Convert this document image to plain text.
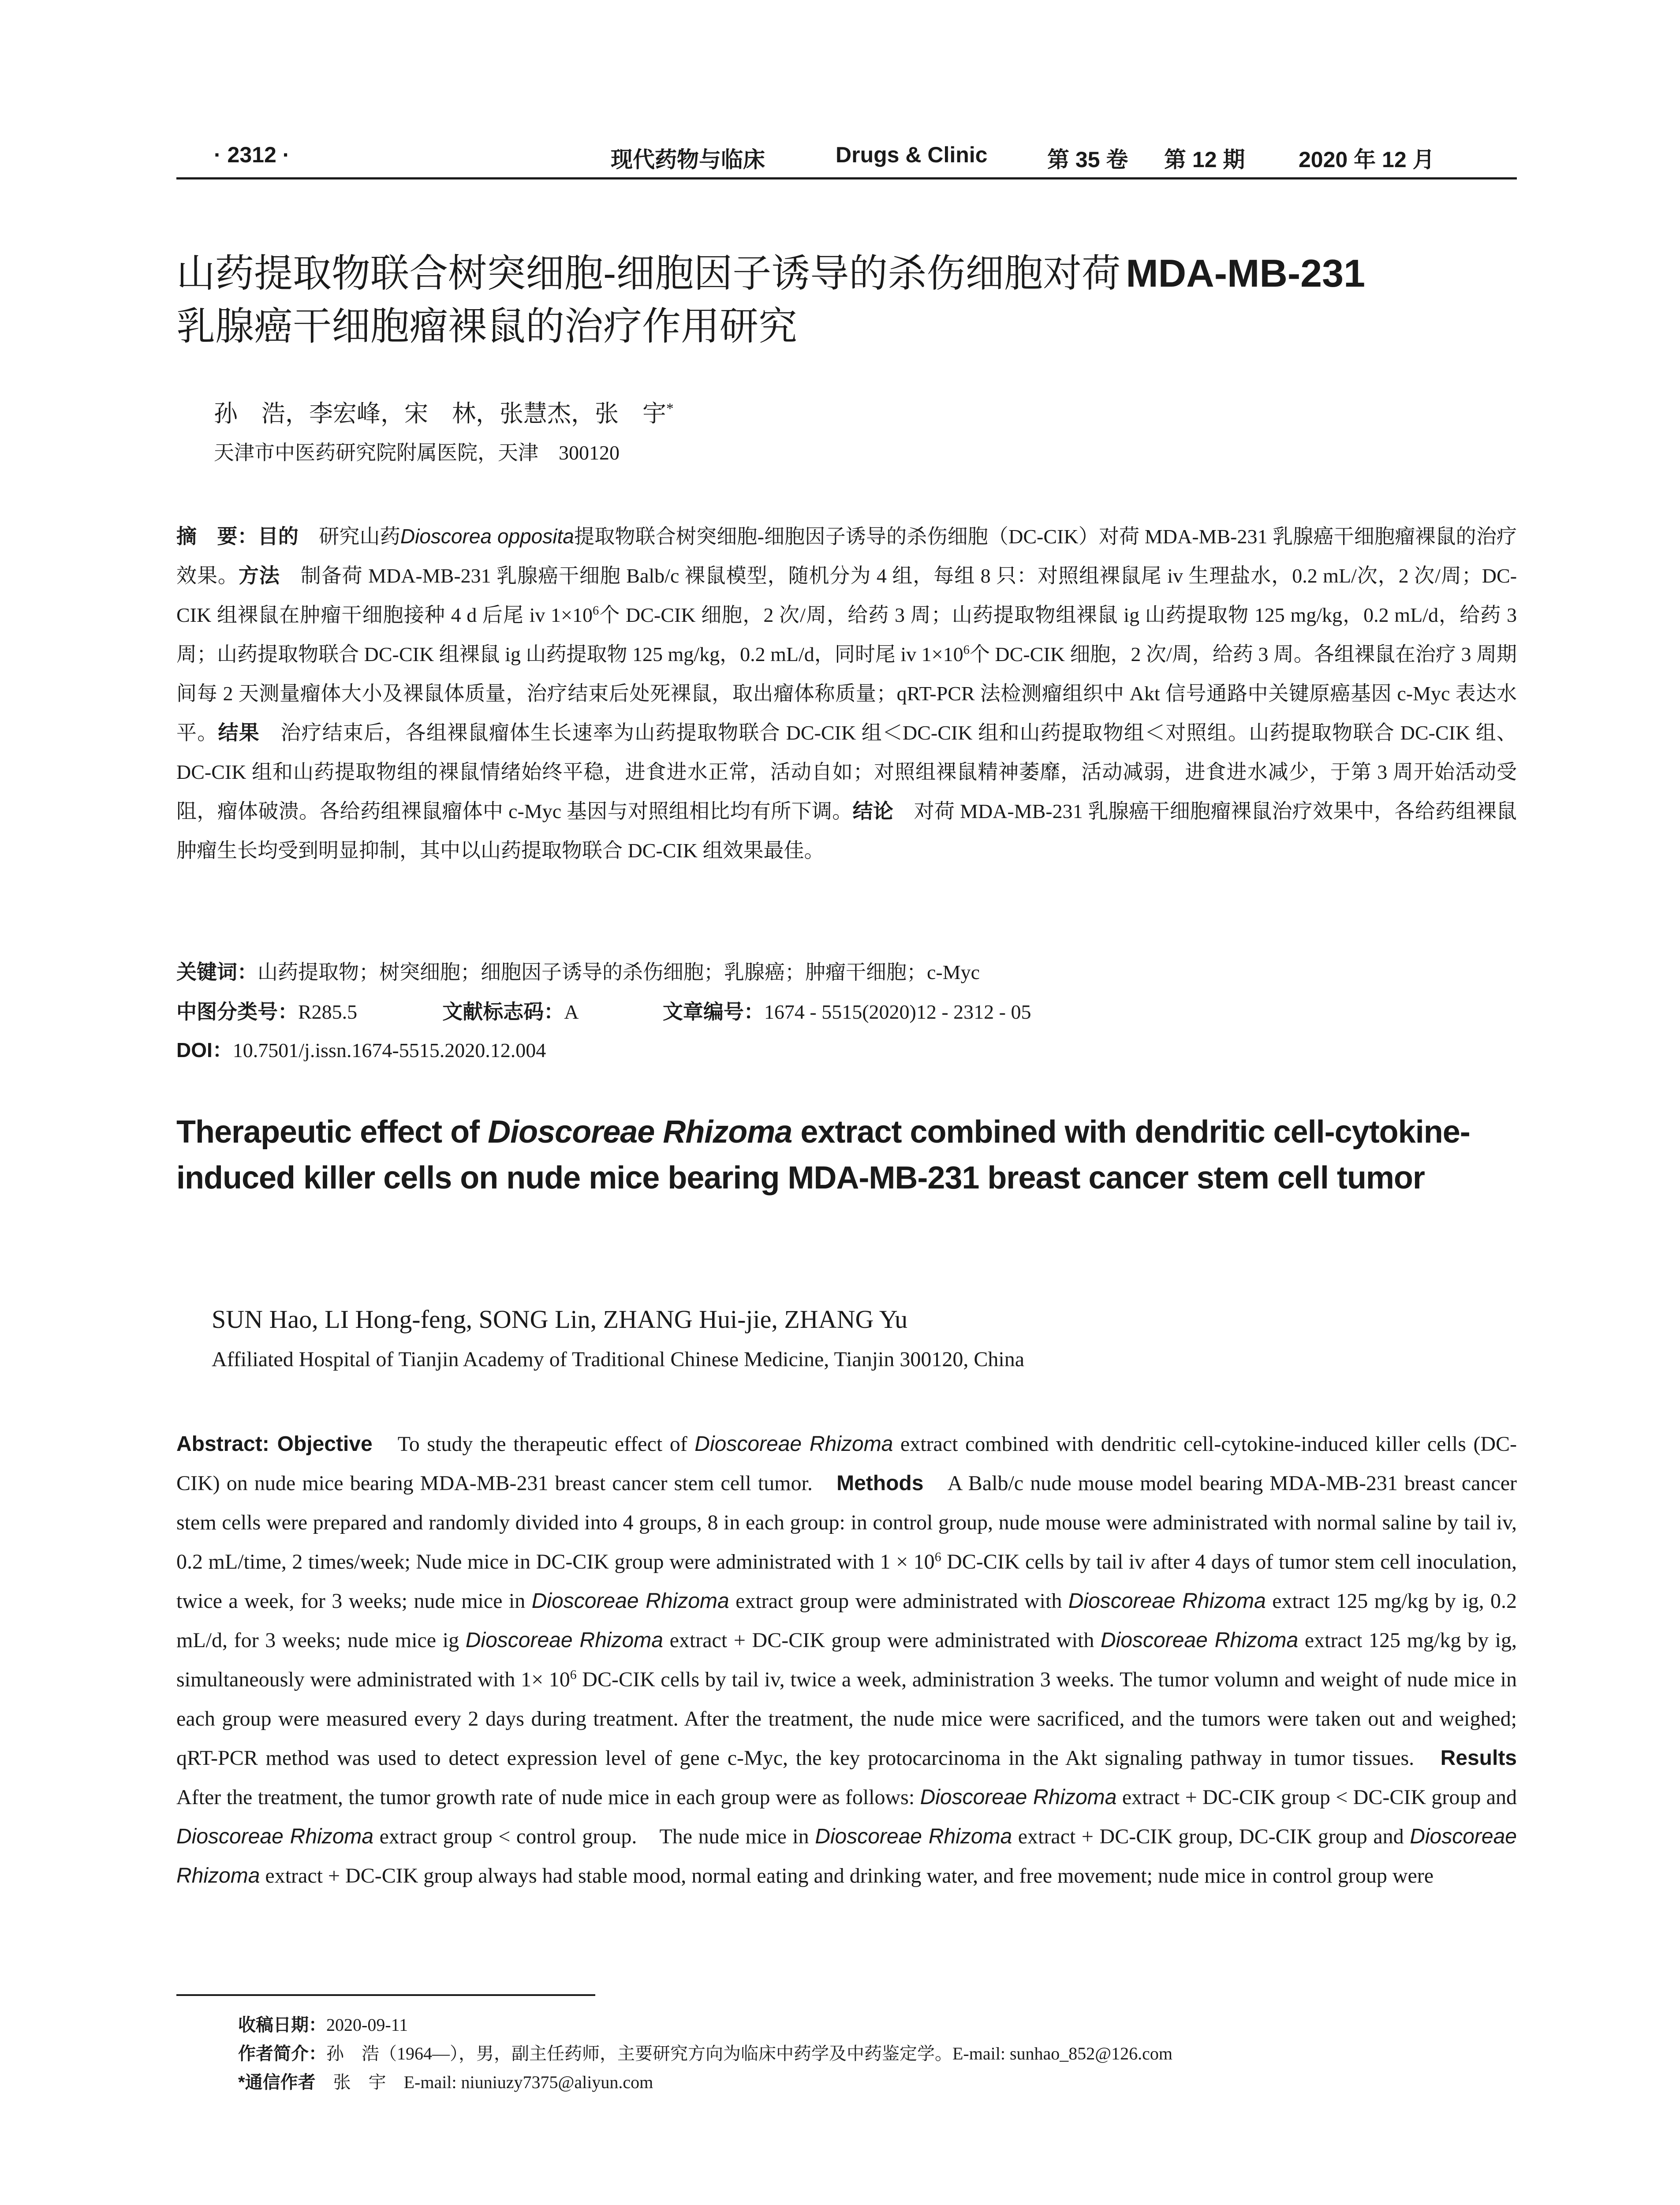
· 2312 ·	现代药物与临床	Drugs & Clinic	第 35 卷 第 12 期 2020 年 12 月
山药提取物联合树突细胞-细胞因子诱导的杀伤细胞对荷 MDA-MB-231
乳腺癌干细胞瘤裸鼠的治疗作用研究
孙　浩，李宏峰，宋　林，张慧杰，张　宇*
天津市中医药研究院附属医院，天津　300120
摘　要：目的　 研究山药Dioscorea opposita提取物联合树突细胞-细胞因子诱导的杀伤细胞（DC-CIK）对荷 MDA-MB-231 乳腺癌干细胞瘤裸鼠的治疗效果。方法　 制备荷 MDA-MB-231 乳腺癌干细胞 Balb/c 裸鼠模型，随机分为 4 组，每组 8 只：对照组裸鼠尾 iv 生理盐水，0.2 mL/次，2 次/周；DC-CIK 组裸鼠在肿瘤干细胞接种 4 d 后尾 iv $1\times 10^6$个 DC-CIK 细胞，2 次/周，给药 3 周；山药提取物组裸鼠 ig 山药提取物 125 mg/kg，0.2 mL/d，给药 3 周；山药提取物联合 DC-CIK 组裸鼠 ig 山药提取物 125 mg/kg，0.2 mL/d，同时尾 iv $1\times 10^6$个 DC-CIK 细胞，2 次/周，给药 3 周。各组裸鼠在治疗 3 周期间每 2 天测量瘤体大小及裸鼠体质量，治疗结束后处死裸鼠，取出瘤体称质量；qRT-PCR 法检测瘤组织中 Akt 信号通路中关键原癌基因 c-Myc 表达水平。结果　 治疗结束后，各组裸鼠瘤体生长速率为山药提取物联合 DC-CIK 组＜DC-CIK 组和山药提取物组＜对照组。山药提取物联合 DC-CIK 组、DC-CIK 组和山药提取物组的裸鼠情绪始终平稳，进食进水正常，活动自如；对照组裸鼠精神萎靡，活动减弱，进食进水减少，于第 3 周开始活动受阻，瘤体破溃。各给药组裸鼠瘤体中 c-Myc 基因与对照组相比均有所下调。结论　 对荷 MDA-MB-231 乳腺癌干细胞瘤裸鼠治疗效果中，各给药组裸鼠肿瘤生长均受到明显抑制，其中以山药提取物联合 DC-CIK 组效果最佳。
关键词：山药提取物；树突细胞；细胞因子诱导的杀伤细胞；乳腺癌；肿瘤干细胞；c-Myc
中图分类号：R285.5	文献标志码：A	文章编号：1674 - 5515(2020)12 - 2312 - 05
DOI：10.7501/j.issn.1674-5515.2020.12.004
Therapeutic effect of Dioscoreae Rhizoma extract combined with dendritic cell-cytokine-induced killer cells on nude mice bearing MDA-MB-231 breast cancer stem cell tumor
SUN Hao, LI Hong-feng, SONG Lin, ZHANG Hui-jie, ZHANG Yu
Affiliated Hospital of Tianjin Academy of Traditional Chinese Medicine, Tianjin 300120, China
Abstract: Objective　 To study the therapeutic effect of Dioscoreae Rhizoma extract combined with dendritic cell-cytokine-induced killer cells (DC-CIK) on nude mice bearing MDA-MB-231 breast cancer stem cell tumor.　 Methods　 A Balb/c nude mouse model bearing MDA-MB-231 breast cancer stem cells were prepared and randomly divided into 4 groups, 8 in each group: in control group, nude mouse were administrated with normal saline by tail iv, 0.2 mL/time, 2 times/week; Nude mice in DC-CIK group were administrated with $1 \times 10^6$ DC-CIK cells by tail iv after 4 days of tumor stem cell inoculation, twice a week, for 3 weeks; nude mice in Dioscoreae Rhizoma extract group were administrated with Dioscoreae Rhizoma extract 125 mg/kg by ig, 0.2 mL/d, for 3 weeks; nude mice ig Dioscoreae Rhizoma extract + DC-CIK group were administrated with Dioscoreae Rhizoma extract 125 mg/kg by ig, simultaneously were administrated with $1\times 10^6$ DC-CIK cells by tail iv, twice a week, administration 3 weeks. The tumor volumn and weight of nude mice in each group were measured every 2 days during treatment. After the treatment, the nude mice were sacrificed, and the tumors were taken out and weighed; qRT-PCR method was used to detect expression level of gene c-Myc, the key protocarcinoma in the Akt signaling pathway in tumor tissues.　 Results　After the treatment, the tumor growth rate of nude mice in each group were as follows: Dioscoreae Rhizoma extract + DC-CIK group < DC-CIK group and Dioscoreae Rhizoma extract group < control group.　The nude mice in Dioscoreae Rhizoma extract + DC-CIK group, DC-CIK group and Dioscoreae Rhizoma extract + DC-CIK group always had stable mood, normal eating and drinking water, and free movement; nude mice in control group were
收稿日期：2020-09-11
作者简介：孙　浩（1964—），男，副主任药师，主要研究方向为临床中药学及中药鉴定学。E-mail: sunhao_852@126.com
*通信作者　 张　宇　E-mail: niuniuzy7375@aliyun.com
